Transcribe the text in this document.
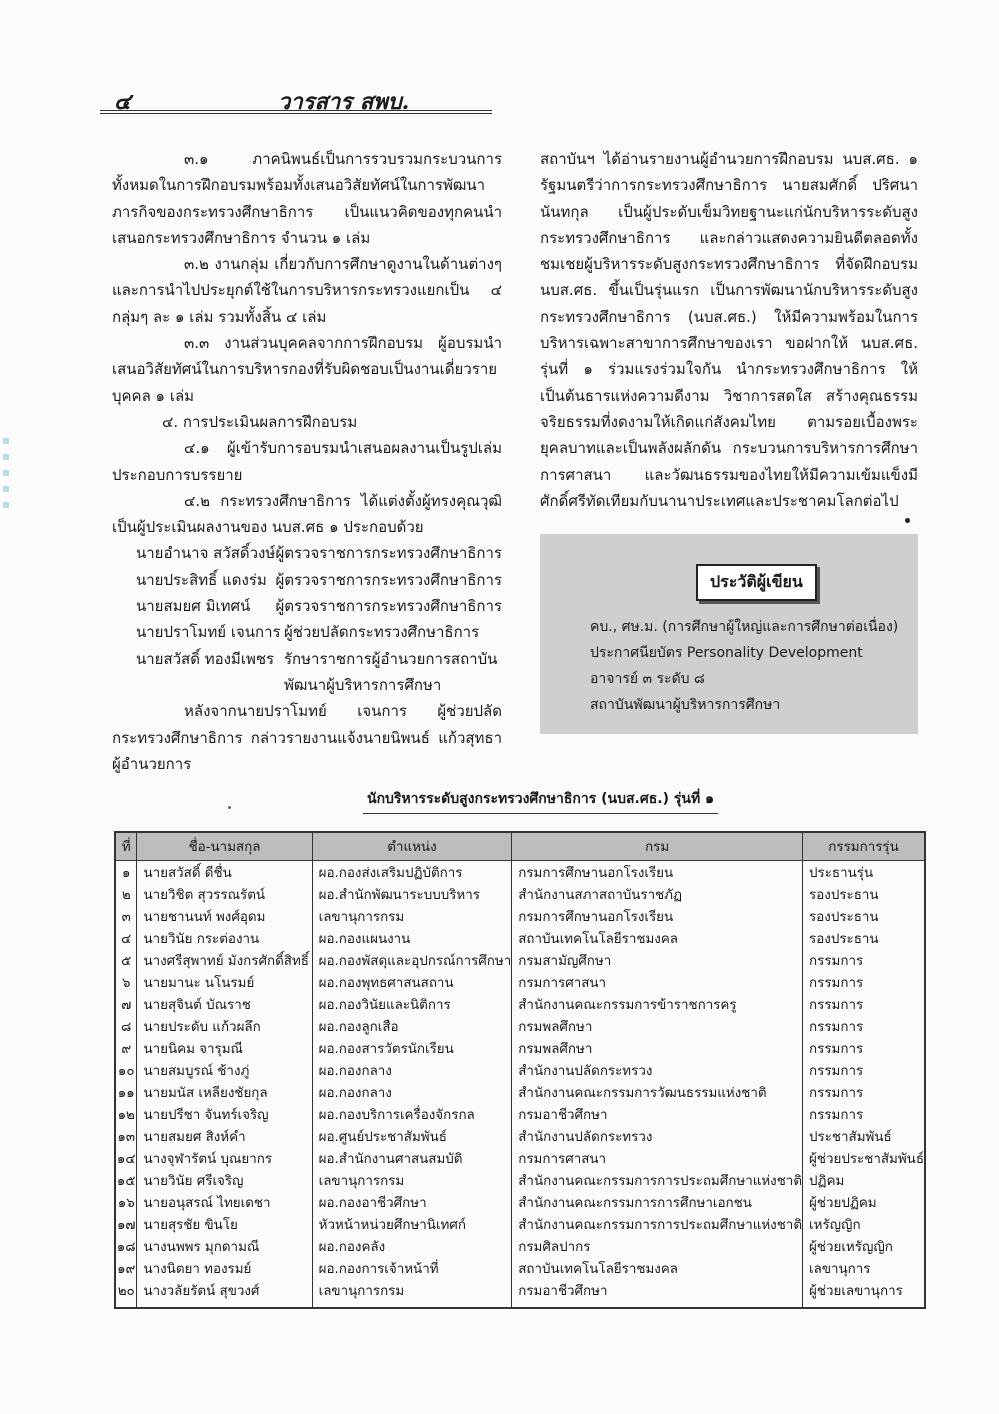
๔	วารสาร สพบ.

๓.๑ ภาคนิพนธ์เป็นการรวบรวมกระบวนการทั้งหมดในการฝึกอบรมพร้อมทั้งเสนอวิสัยทัศน์ในการพัฒนาภารกิจของกระทรวงศึกษาธิการ เป็นแนวคิดของทุกคนนำเสนอกระทรวงศึกษาธิการ จำนวน ๑ เล่ม

๓.๒ งานกลุ่ม เกี่ยวกับการศึกษาดูงานในด้านต่างๆ และการนำไปประยุกต์ใช้ในการบริหารกระทรวงแยกเป็น ๔ กลุ่มๆ ละ ๑ เล่ม รวมทั้งสิ้น ๔ เล่ม

๓.๓ งานส่วนบุคคลจากการฝึกอบรม ผู้อบรมนำเสนอวิสัยทัศน์ในการบริหารกองที่รับผิดชอบเป็นงานเดี่ยวรายบุคคล ๑ เล่ม

๔. การประเมินผลการฝึกอบรม

๔.๑ ผู้เข้ารับการอบรมนำเสนอผลงานเป็นรูปเล่มประกอบการบรรยาย

๔.๒ กระทรวงศึกษาธิการ ได้แต่งตั้งผู้ทรงคุณวุฒิเป็นผู้ประเมินผลงานของ นบส.ศธ ๑ ประกอบด้วย

นายอำนาจ สวัสดิ์วงษ์ ผู้ตรวจราชการกระทรวงศึกษาธิการ
นายประสิทธิ์ แดงร่ม ผู้ตรวจราชการกระทรวงศึกษาธิการ
นายสมยศ มิเทศน์	ผู้ตรวจราชการกระทรวงศึกษาธิการ
นายปราโมทย์ เจนการ ผู้ช่วยปลัดกระทรวงศึกษาธิการ
นายสวัสดิ์ ทองมีเพชร รักษาราชการผู้อำนวยการสถาบัน
พัฒนาผู้บริหารการศึกษา

หลังจากนายปราโมทย์ เจนการ ผู้ช่วยปลัดกระทรวงศึกษาธิการ กล่าวรายงานแจ้งนายนิพนธ์ แก้วสุทธา ผู้อำนวยการ

สถาบันฯ ได้อ่านรายงานผู้อำนวยการฝึกอบรม นบส.ศธ. ๑ รัฐมนตรีว่าการกระทรวงศึกษาธิการ นายสมศักดิ์ ปริศนานันทกุล เป็นผู้ประดับเข็มวิทยฐานะแก่นักบริหารระดับสูง กระทรวงศึกษาธิการ และกล่าวแสดงความยินดีตลอดทั้งชมเชยผู้บริหารระดับสูงกระทรวงศึกษาธิการ ที่จัดฝึกอบรม นบส.ศธ. ขึ้นเป็นรุ่นแรก เป็นการพัฒนานักบริหารระดับสูง กระทรวงศึกษาธิการ (นบส.ศธ.) ให้มีความพร้อมในการบริหารเฉพาะสาขาการศึกษาของเรา ขอฝากให้ นบส.ศธ. รุ่นที่ ๑ ร่วมแรงร่วมใจกัน นำกระทรวงศึกษาธิการ ให้เป็นต้นธารแห่งความดีงาม วิชาการสดใส สร้างคุณธรรมจริยธรรมที่งดงามให้เกิดแก่สังคมไทย ตามรอยเบื้องพระยุคลบาทและเป็นพลังผลักดัน กระบวนการบริหารการศึกษา การศาสนา และวัฒนธรรมของไทยให้มีความเข้มแข็งมีศักดิ์ศรีทัดเทียมกับนานาประเทศและประชาคมโลกต่อไป

ประวัติผู้เขียน
คบ., ศษ.ม. (การศึกษาผู้ใหญ่และการศึกษาต่อเนื่อง)
ประกาศนียบัตร Personality Development
อาจารย์ ๓ ระดับ ๘
สถาบันพัฒนาผู้บริหารการศึกษา
นักบริหารระดับสูงกระทรวงศึกษาธิการ (นบส.ศธ.) รุ่นที่ ๑
ที่	ชื่อ-นามสกุล	ตำแหน่ง	กรม	กรรมการรุ่น
๑	นายสวัสดิ์ ดีชื่น	ผอ.กองส่งเสริมปฏิบัติการ	กรมการศึกษานอกโรงเรียน	ประธานรุ่น
๒	นายวิชิต สุวรรณรัตน์	ผอ.สำนักพัฒนาระบบบริหาร	สำนักงานสภาสถาบันราชภัฏ	รองประธาน
๓	นายชานนท์ พงศ์อุดม	เลขานุการกรม	กรมการศึกษานอกโรงเรียน	รองประธาน
๔	นายวินัย กระต่องาน	ผอ.กองแผนงาน	สถาบันเทคโนโลยีราชมงคล	รองประธาน
๕	นางศรีสุพาทย์ มังกรศักดิ์สิทธิ์	ผอ.กองพัสดุและอุปกรณ์การศึกษา	กรมสามัญศึกษา	กรรมการ
๖	นายมานะ นโนรมย์	ผอ.กองพุทธศาสนสถาน	กรมการศาสนา	กรรมการ
๗	นายสุจินต์ บัณราช	ผอ.กองวินัยและนิติการ	สำนักงานคณะกรรมการข้าราชการครู	กรรมการ
๘	นายประดับ แก้วผลึก	ผอ.กองลูกเสือ	กรมพลศึกษา	กรรมการ
๙	นายนิคม จารุมณี	ผอ.กองสารวัตรนักเรียน	กรมพลศึกษา	กรรมการ
๑๐	นายสมบูรณ์ ช้างภู่	ผอ.กองกลาง	สำนักงานปลัดกระทรวง	กรรมการ
๑๑	นายมนัส เหลียงชัยกุล	ผอ.กองกลาง	สำนักงานคณะกรรมการวัฒนธรรมแห่งชาติ	กรรมการ
๑๒	นายปรีชา จันทร์เจริญ	ผอ.กองบริการเครื่องจักรกล	กรมอาชีวศึกษา	กรรมการ
๑๓	นายสมยศ สิงห์คำ	ผอ.ศูนย์ประชาสัมพันธ์	สำนักงานปลัดกระทรวง	ประชาสัมพันธ์
๑๔	นางจุฬารัตน์ บุณยากร	ผอ.สำนักงานศาสนสมบัติ	กรมการศาสนา	ผู้ช่วยประชาสัมพันธ์
๑๕	นายวินัย ศรีเจริญ	เลขานุการกรม	สำนักงานคณะกรรมการการประถมศึกษาแห่งชาติ	ปฏิคม
๑๖	นายอนุสรณ์ ไทยเดชา	ผอ.กองอาชีวศึกษา	สำนักงานคณะกรรมการการศึกษาเอกชน	ผู้ช่วยปฏิคม
๑๗	นายสุรชัย ขินโย	หัวหน้าหน่วยศึกษานิเทศก์	สำนักงานคณะกรรมการการประถมศึกษาแห่งชาติ	เหรัญญิก
๑๘	นางนพพร มุกดามณี	ผอ.กองคลัง	กรมศิลปากร	ผู้ช่วยเหรัญญิก
๑๙	นางนิตยา ทองรมย์	ผอ.กองการเจ้าหน้าที่	สถาบันเทคโนโลยีราชมงคล	เลขานุการ
๒๐	นางวลัยรัตน์ สุขวงศ์	เลขานุการกรม	กรมอาชีวศึกษา	ผู้ช่วยเลขานุการ
